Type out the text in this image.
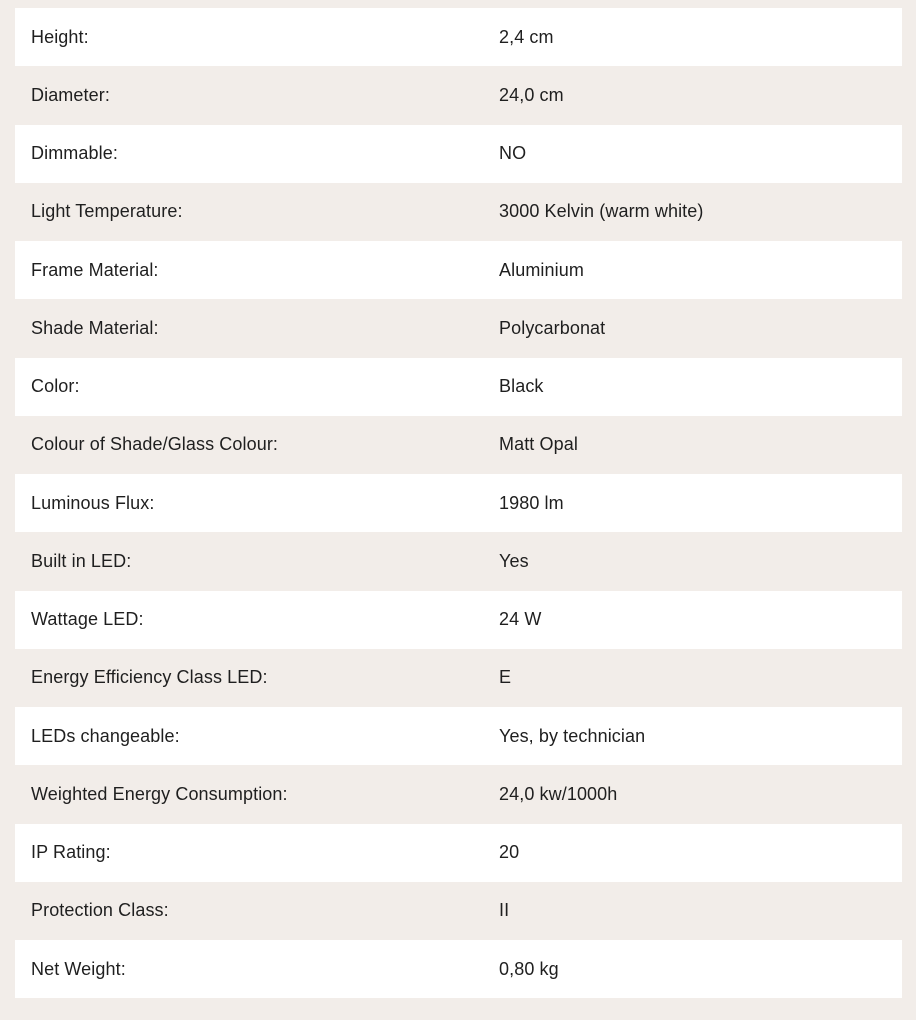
Height:	2,4 cm
Diameter:	24,0 cm
Dimmable:	NO
Light Temperature:	3000 Kelvin (warm white)
Frame Material:	Aluminium
Shade Material:	Polycarbonat
Color:	Black
Colour of Shade/Glass Colour:	Matt Opal
Luminous Flux:	1980 lm
Built in LED:	Yes
Wattage LED:	24 W
Energy Efficiency Class LED:	E
LEDs changeable:	Yes, by technician
Weighted Energy Consumption:	24,0 kw/1000h
IP Rating:	20
Protection Class:	II
Net Weight:	0,80 kg
